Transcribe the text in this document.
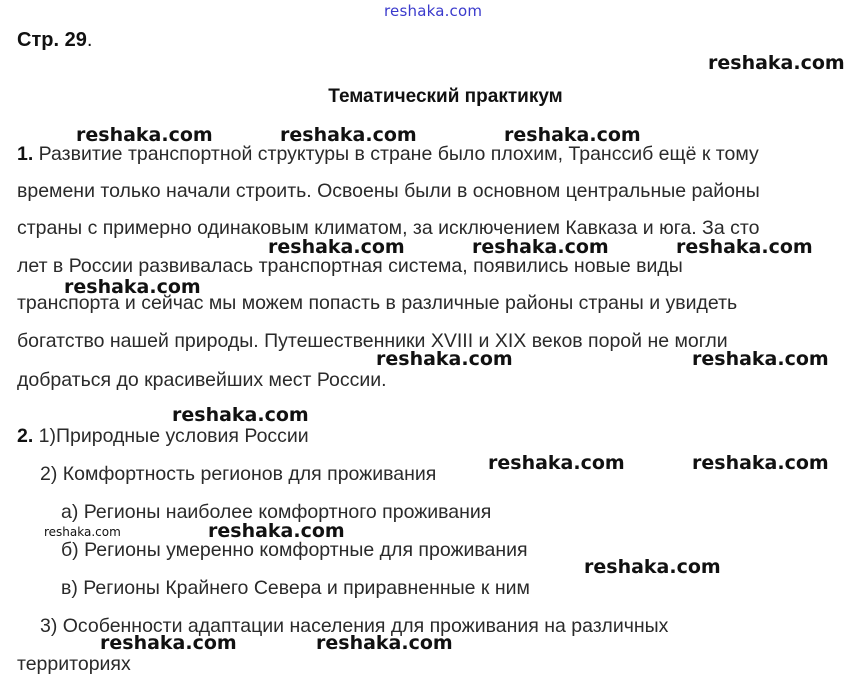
reshaka.com
Стр. 29.
Тематический практикум
1. Развитие транспортной структуры в стране было плохим, Транссиб ещё к тому
времени только начали строить. Освоены были в основном центральные районы
страны с примерно одинаковым климатом, за исключением Кавказа и юга. За сто
лет в России развивалась транспортная система, появились новые виды
транспорта и сейчас мы можем попасть в различные районы страны и увидеть
богатство нашей природы. Путешественники XVIII и XIX веков порой не могли
добраться до красивейших мест России.
2. 1)Природные условия России
2) Комфортность регионов для проживания
а) Регионы наиболее комфортного проживания
б) Регионы умеренно комфортные для проживания
в) Регионы Крайнего Севера и приравненные к ним
3) Особенности адаптации населения для проживания на различных
территориях
reshaka.com
reshaka.com	reshaka.com	reshaka.com
reshaka.com	reshaka.com	reshaka.com
reshaka.com
reshaka.com	reshaka.com
reshaka.com
reshaka.com	reshaka.com
reshaka.com	reshaka.com
reshaka.com
reshaka.com	reshaka.com
